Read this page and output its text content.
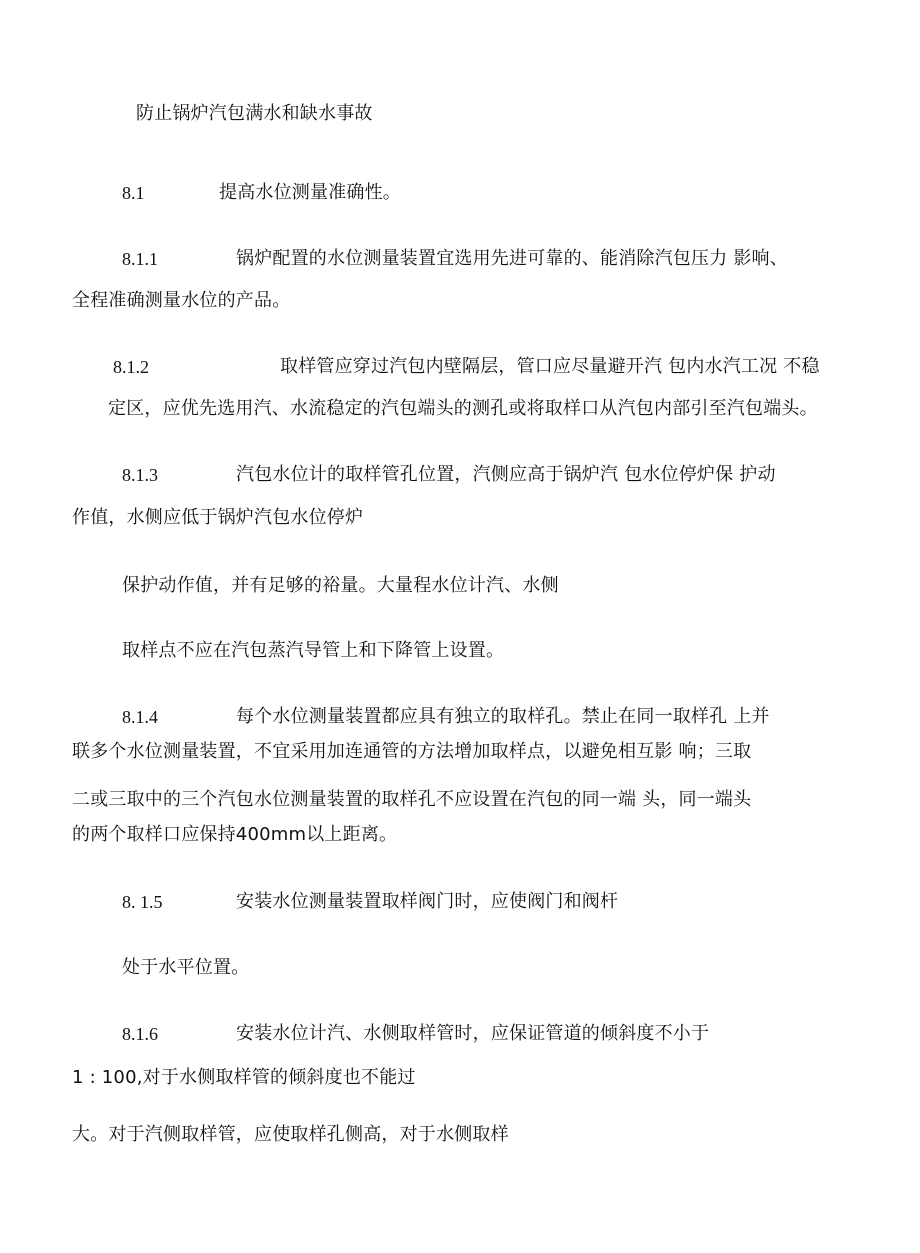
防止锅炉汽包满水和缺水事故
8.1	提高水位测量准确性。
8.1.1	锅炉配置的水位测量装置宜选用先进可靠的、能消除汽包压力 影响、
全程准确测量水位的产品。
8.1.2	取样管应穿过汽包内壁隔层，管口应尽量避开汽 包内水汽工况 不稳
定区，应优先选用汽、水流稳定的汽包端头的测孔或将取样口从汽包内部引至汽包端头。
8.1.3	汽包水位计的取样管孔位置，汽侧应高于锅炉汽 包水位停炉保 护动
作值，水侧应低于锅炉汽包水位停炉
保护动作值，并有足够的裕量。大量程水位计汽、水侧
取样点不应在汽包蒸汽导管上和下降管上设置。
8.1.4	每个水位测量装置都应具有独立的取样孔。禁止在同一取样孔 上并
联多个水位测量装置，不宜采用加连通管的方法增加取样点，以避免相互影 响；三取
二或三取中的三个汽包水位测量装置的取样孔不应设置在汽包的同一端 头，同一端头
的两个取样口应保持400mm以上距离。
8. 1.5	安装水位测量装置取样阀门时，应使阀门和阀杆
处于水平位置。
8.1.6	安装水位计汽、水侧取样管时，应保证管道的倾斜度不小于
1 : 100,对于水侧取样管的倾斜度也不能过
大。对于汽侧取样管，应使取样孔侧高，对于水侧取样
